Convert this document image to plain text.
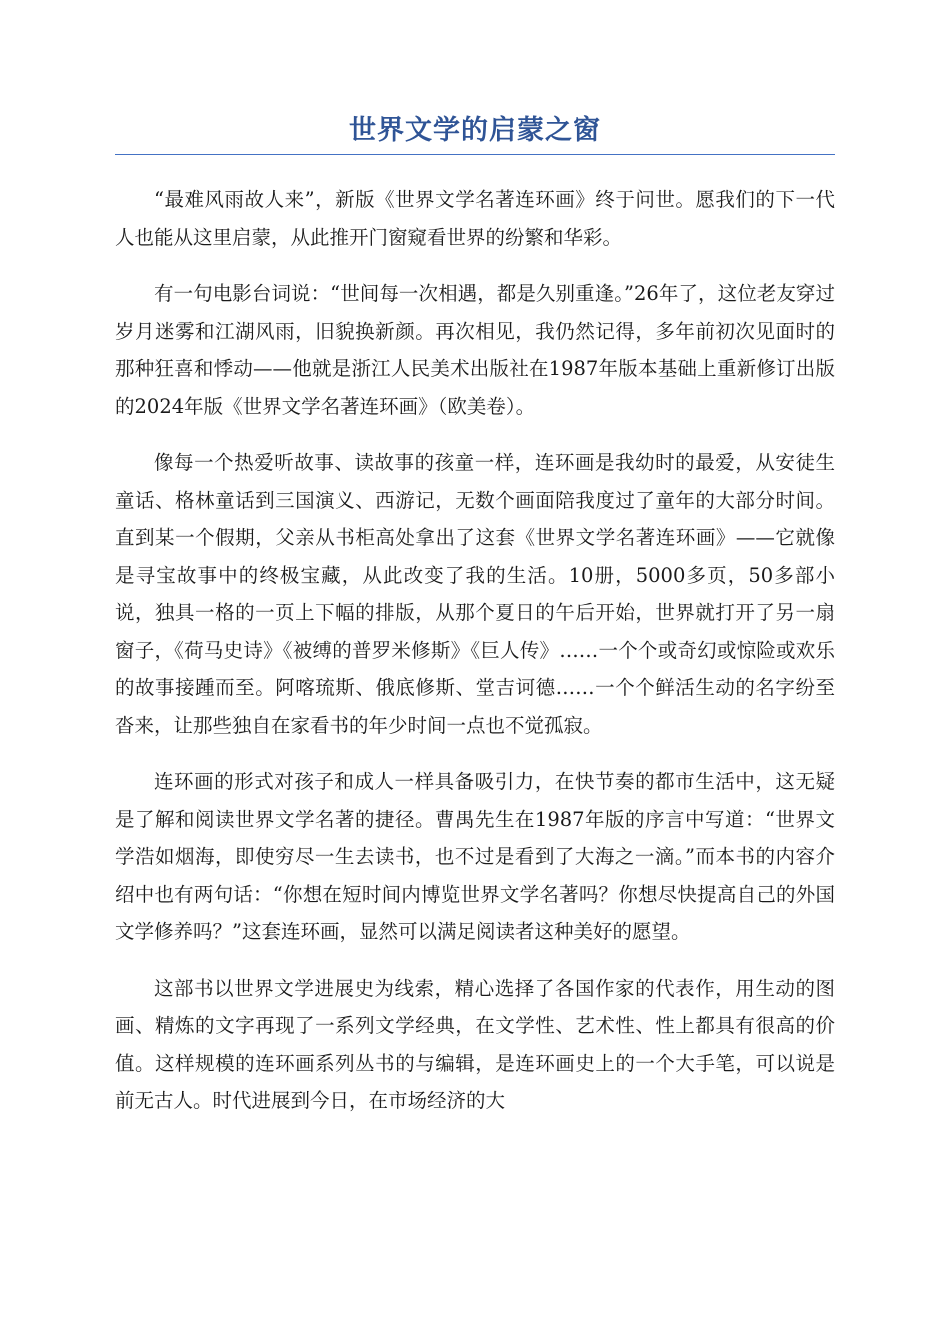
世界文学的启蒙之窗

“最难风雨故人来”，新版《世界文学名著连环画》终于问世。愿我们的下一代人也能从这里启蒙，从此推开门窗窥看世界的纷繁和华彩。

有一句电影台词说：“世间每一次相遇，都是久别重逢。”26年了，这位老友穿过岁月迷雾和江湖风雨，旧貌换新颜。再次相见，我仍然记得，多年前初次见面时的那种狂喜和悸动——他就是浙江人民美术出版社在1987年版本基础上重新修订出版的2024年版《世界文学名著连环画》（欧美卷）。

像每一个热爱听故事、读故事的孩童一样，连环画是我幼时的最爱，从安徒生童话、格林童话到三国演义、西游记，无数个画面陪我度过了童年的大部分时间。直到某一个假期，父亲从书柜高处拿出了这套《世界文学名著连环画》——它就像是寻宝故事中的终极宝藏，从此改变了我的生活。10册，5000多页，50多部小说，独具一格的一页上下幅的排版，从那个夏日的午后开始，世界就打开了另一扇窗子，《荷马史诗》《被缚的普罗米修斯》《巨人传》……一个个或奇幻或惊险或欢乐的故事接踵而至。阿喀琉斯、俄底修斯、堂吉诃德……一个个鲜活生动的名字纷至沓来，让那些独自在家看书的年少时间一点也不觉孤寂。

连环画的形式对孩子和成人一样具备吸引力，在快节奏的都市生活中，这无疑是了解和阅读世界文学名著的捷径。曹禺先生在1987年版的序言中写道：“世界文学浩如烟海，即使穷尽一生去读书，也不过是看到了大海之一滴。”而本书的内容介绍中也有两句话：“你想在短时间内博览世界文学名著吗？你想尽快提高自己的外国文学修养吗？”这套连环画，显然可以满足阅读者这种美好的愿望。

这部书以世界文学进展史为线索，精心选择了各国作家的代表作，用生动的图画、精炼的文字再现了一系列文学经典，在文学性、艺术性、性上都具有很高的价值。这样规模的连环画系列丛书的与编辑，是连环画史上的一个大手笔，可以说是前无古人。时代进展到今日，在市场经济的大
